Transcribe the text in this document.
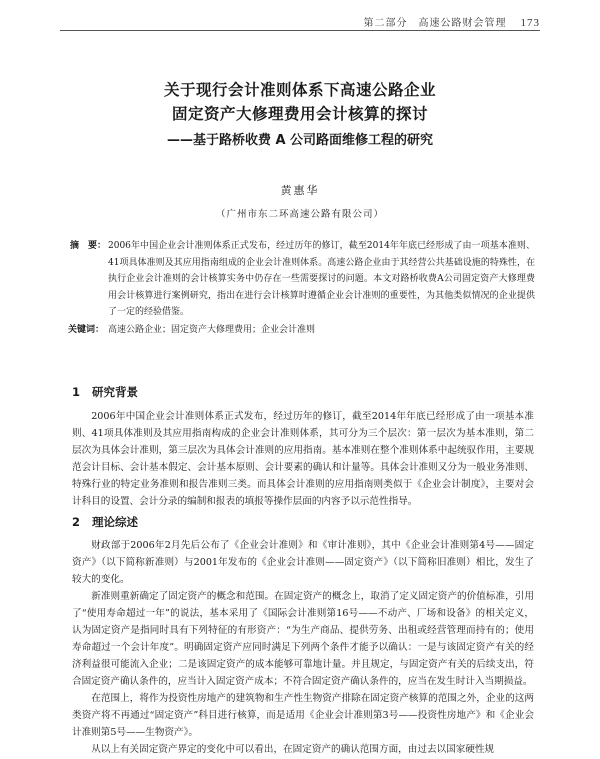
第二部分　高速公路财会管理 173
关于现行会计准则体系下高速公路企业
固定资产大修理费用会计核算的探讨
——基于路桥收费 A 公司路面维修工程的研究
黄惠华
（广州市东二环高速公路有限公司）
摘　要： 2006年中国企业会计准则体系正式发布，经过历年的修订，截至2014年年底已经形成了由一项基本准则、41项具体准则及其应用指南组成的企业会计准则体系。高速公路企业由于其经营公共基础设施的特殊性，在执行企业会计准则的会计核算实务中仍存在一些需要探讨的问题。本文对路桥收费A公司固定资产大修理费用会计核算进行案例研究，指出在进行会计核算时遵循企业会计准则的重要性，为其他类似情况的企业提供了一定的经验借鉴。
关键词： 高速公路企业；固定资产大修理费用；企业会计准则
1 研究背景

2006年中国企业会计准则体系正式发布，经过历年的修订，截至2014年年底已经形成了由一项基本准则、41项具体准则及其应用指南构成的企业会计准则体系，其可分为三个层次：第一层次为基本准则，第二层次为具体会计准则，第三层次为具体会计准则的应用指南。基本准则在整个准则体系中起统驭作用，主要规范会计目标、会计基本假定、会计基本原则、会计要素的确认和计量等。具体会计准则又分为一般业务准则、特殊行业的特定业务准则和报告准则三类。而具体会计准则的应用指南则类似于《企业会计制度》，主要对会计科目的设置、会计分录的编制和报表的填报等操作层面的内容予以示范性指导。

2 理论综述

财政部于2006年2月先后公布了《企业会计准则》和《审计准则》，其中《企业会计准则第4号——固定资产》（以下简称新准则）与2001年发布的《企业会计准则——固定资产》（以下简称旧准则）相比，发生了较大的变化。

新准则重新确定了固定资产的概念和范围。在固定资产的概念上，取消了定义固定资产的价值标准，引用了“使用寿命超过一年”的说法，基本采用了《国际会计准则第16号——不动产、厂场和设备》的相关定义，认为固定资产是指同时具有下列特征的有形资产：“为生产商品、提供劳务、出租或经营管理而持有的；使用寿命超过一个会计年度”。明确固定资产应同时满足下列两个条件才能予以确认：一是与该固定资产有关的经济利益很可能流入企业；二是该固定资产的成本能够可靠地计量。并且规定，与固定资产有关的后续支出，符合固定资产确认条件的，应当计入固定资产成本；不符合固定资产确认条件的，应当在发生时计入当期损益。

在范围上，将作为投资性房地产的建筑物和生产性生物资产排除在固定资产核算的范围之外，企业的这两类资产将不再通过“固定资产”科目进行核算，而是适用《企业会计准则第3号——投资性房地产》和《企业会计准则第5号——生物资产》。

从以上有关固定资产界定的变化中可以看出，在固定资产的确认范围方面，由过去以国家硬性规
